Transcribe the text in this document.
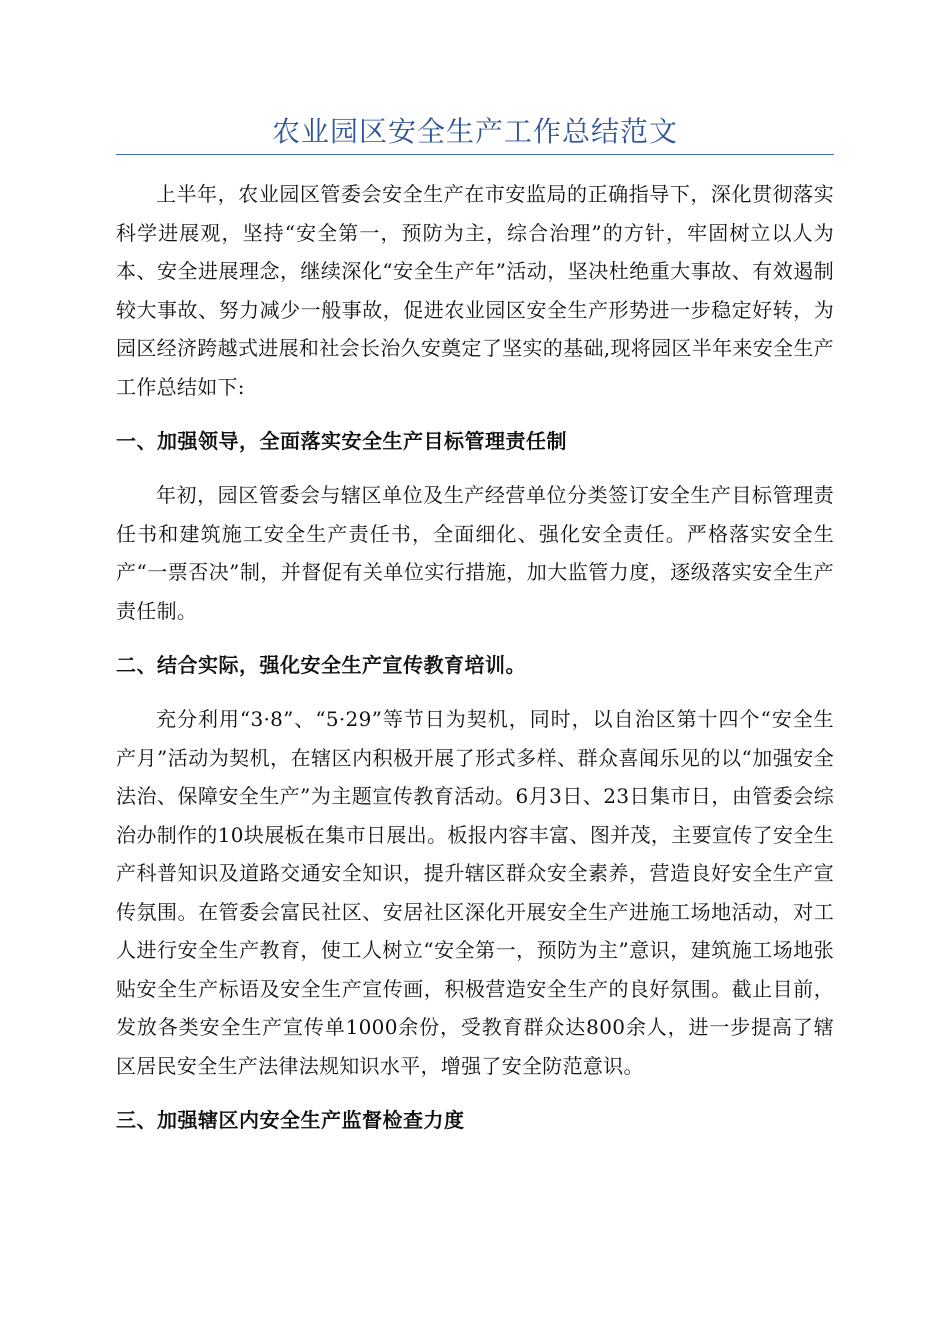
农业园区安全生产工作总结范文

上半年，农业园区管委会安全生产在市安监局的正确指导下，深化贯彻落实科学进展观，坚持“安全第一，预防为主，综合治理”的方针，牢固树立以人为本、安全进展理念，继续深化“安全生产年”活动，坚决杜绝重大事故、有效遏制较大事故、努力减少一般事故，促进农业园区安全生产形势进一步稳定好转，为园区经济跨越式进展和社会长治久安奠定了坚实的基础,现将园区半年来安全生产工作总结如下:

一、加强领导，全面落实安全生产目标管理责任制

年初，园区管委会与辖区单位及生产经营单位分类签订安全生产目标管理责任书和建筑施工安全生产责任书，全面细化、强化安全责任。严格落实安全生产“一票否决”制，并督促有关单位实行措施，加大监管力度，逐级落实安全生产责任制。

二、结合实际，强化安全生产宣传教育培训。

充分利用“3·8”、“5·29”等节日为契机，同时，以自治区第十四个“安全生产月”活动为契机，在辖区内积极开展了形式多样、群众喜闻乐见的以“加强安全法治、保障安全生产”为主题宣传教育活动。6月3日、23日集市日，由管委会综治办制作的10块展板在集市日展出。板报内容丰富、图并茂，主要宣传了安全生产科普知识及道路交通安全知识，提升辖区群众安全素养，营造良好安全生产宣传氛围。在管委会富民社区、安居社区深化开展安全生产进施工场地活动，对工人进行安全生产教育，使工人树立“安全第一，预防为主”意识，建筑施工场地张贴安全生产标语及安全生产宣传画，积极营造安全生产的良好氛围。截止目前，发放各类安全生产宣传单1000余份，受教育群众达800余人，进一步提高了辖区居民安全生产法律法规知识水平，增强了安全防范意识。

三、加强辖区内安全生产监督检查力度
